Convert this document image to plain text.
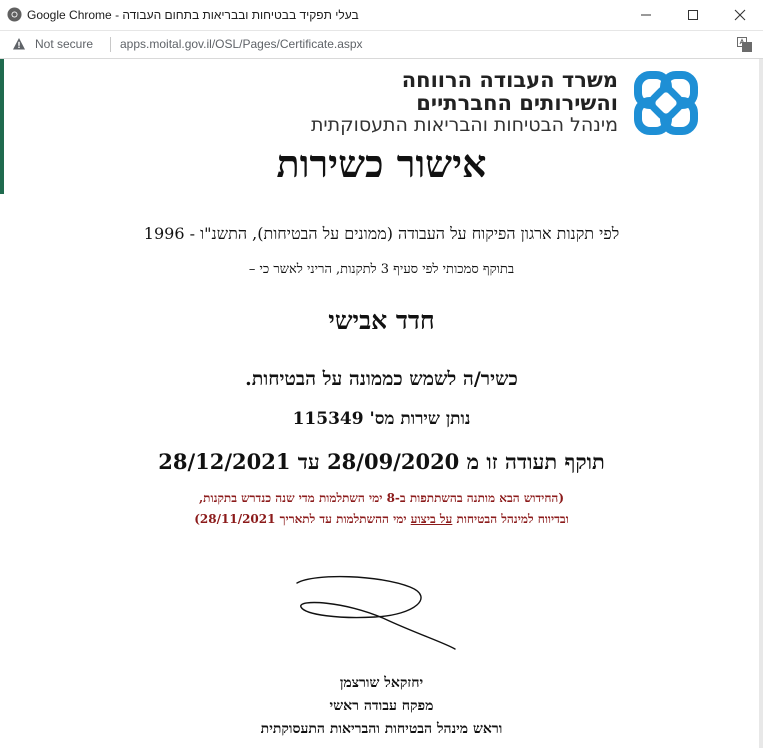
Google Chrome - בעלי תפקיד בבטיחות ובבריאות בתחום העבודה
Not secure apps.moital.gov.il/OSL/Pages/Certificate.aspx
משרד העבודה הרווחה
והשירותים החברתיים
מינהל הבטיחות והבריאות התעסוקתית
אישור כשירות
לפי תקנות ארגון הפיקוח על העבודה (ממונים על הבטיחות), התשנ"ו - 1996
בתוקף סמכותי לפי סעיף 3 לתקנות, הריני לאשר כי –
חדד אבישי
כשיר/ה לשמש כממונה על הבטיחות.
נותן שירות מס' 115349
תוקף תעודה זו מ 28/09/2020 עד 28/12/2021
(החידוש הבא מותנה בהשתתפות ב-8 ימי השתלמות מדי שנה כנדרש בתקנות,
ובדיווח למינהל הבטיחות על ביצוע ימי ההשתלמות עד לתאריך 28/11/2021)
יחזקאל שורצמן
מפקח עבודה ראשי
וראש מינהל הבטיחות והבריאות התעסוקתית
